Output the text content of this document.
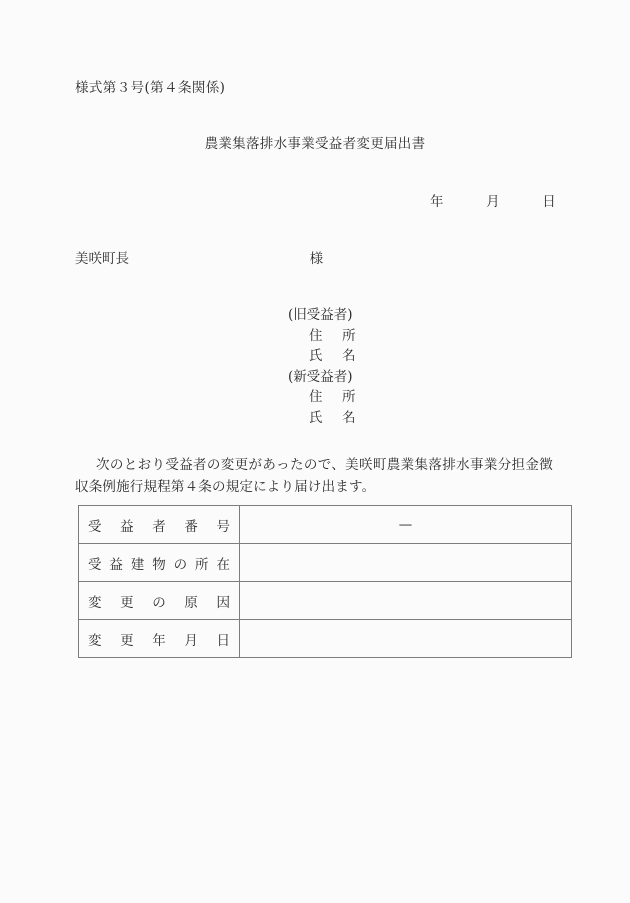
様式第３号(第４条関係)
農業集落排水事業受益者変更届出書
年	月	日
美咲町長	様
(旧受益者)
住 所
氏 名
(新受益者)
住 所
氏 名
次のとおり受益者の変更があったので、美咲町農業集落排水事業分担金徴収条例施行規程第４条の規定により届け出ます。
受 益 者 番 号	—

受 益 建 物 の 所 在

変 更 の 原 因	

変 更 年 月 日	
